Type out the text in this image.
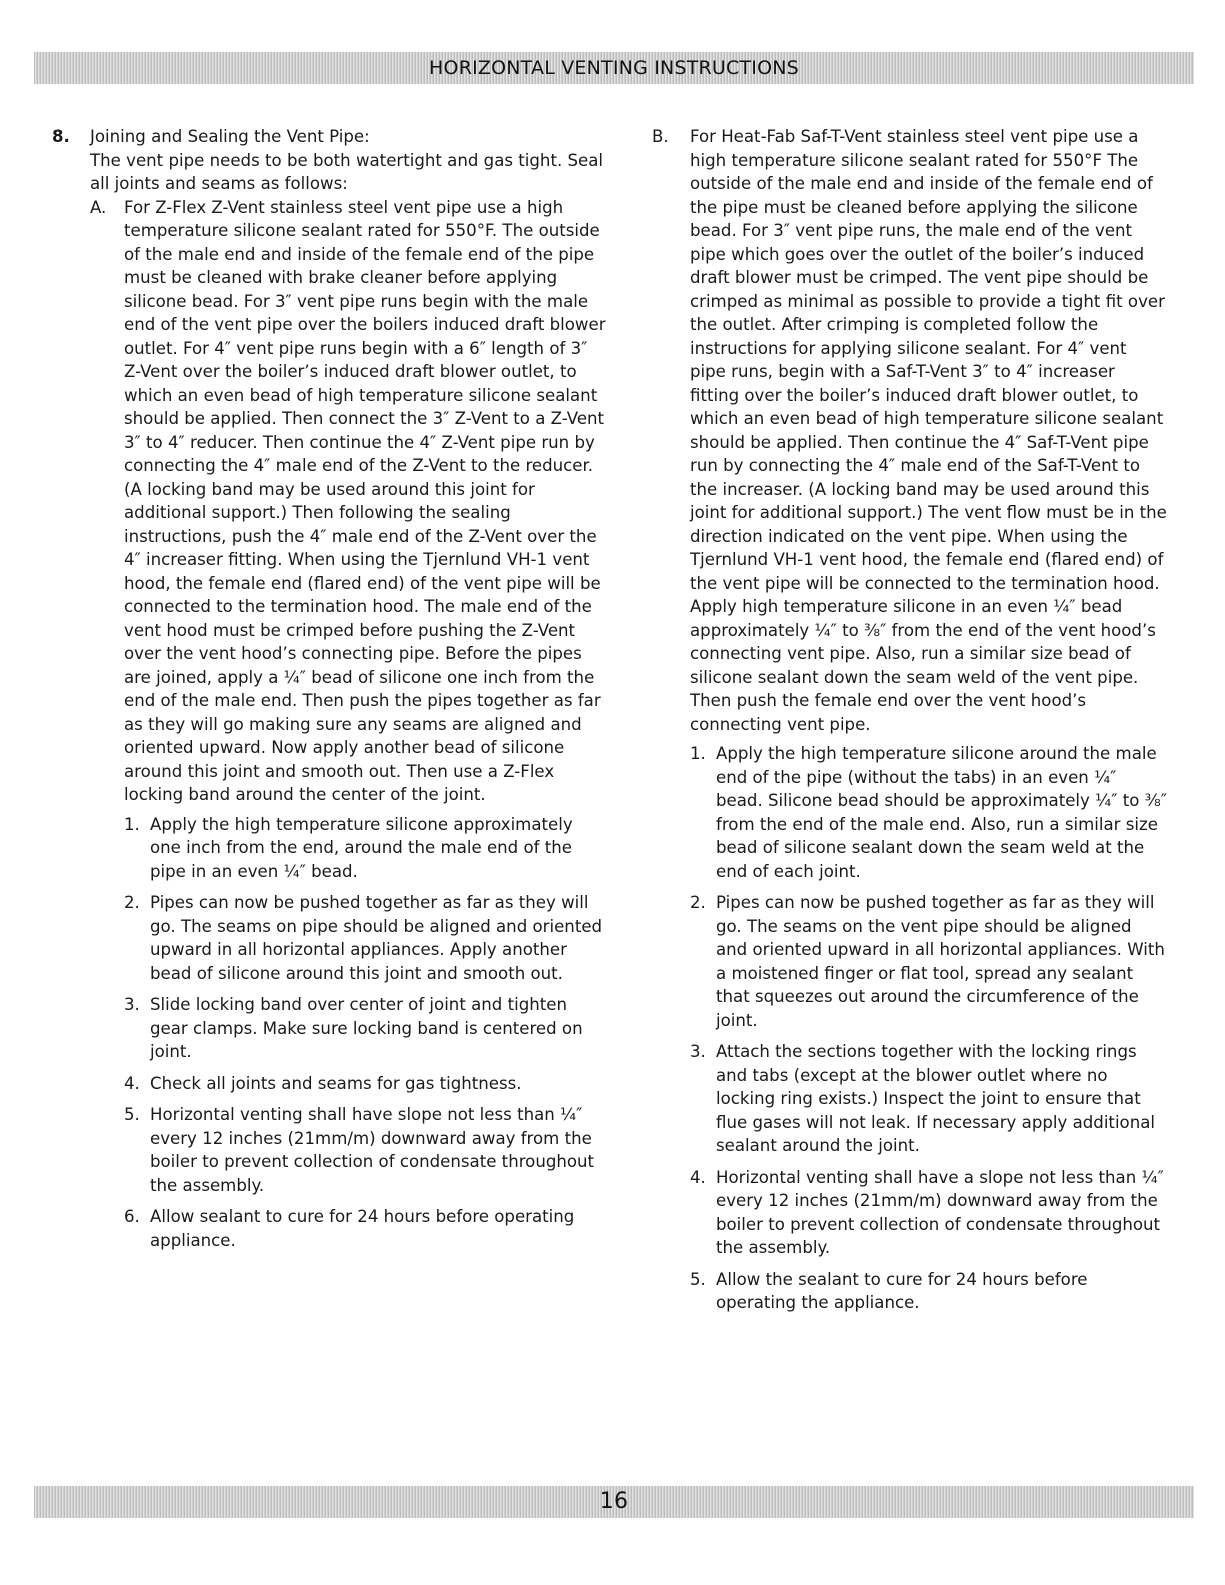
HORIZONTAL VENTING INSTRUCTIONS
8. Joining and Sealing the Vent Pipe:

The vent pipe needs to be both watertight and gas tight. Seal all joints and seams as follows:

A. For Z-Flex Z-Vent stainless steel vent pipe use a high temperature silicone sealant rated for 550°F. The outside of the male end and inside of the female end of the pipe must be cleaned with brake cleaner before applying silicone bead. For 3″ vent pipe runs begin with the male end of the vent pipe over the boilers induced draft blower outlet. For 4″ vent pipe runs begin with a 6″ length of 3″ Z-Vent over the boiler’s induced draft blower outlet, to which an even bead of high temperature silicone sealant should be applied. Then connect the 3″ Z-Vent to a Z-Vent 3″ to 4″ reducer. Then continue the 4″ Z-Vent pipe run by connecting the 4″ male end of the Z-Vent to the reducer. (A locking band may be used around this joint for additional support.) Then following the sealing instructions, push the 4″ male end of the Z-Vent over the 4″ increaser fitting. When using the Tjernlund VH-1 vent hood, the female end (flared end) of the vent pipe will be connected to the termination hood. The male end of the vent hood must be crimped before pushing the Z-Vent over the vent hood’s connecting pipe. Before the pipes are joined, apply a ¼″ bead of silicone one inch from the end of the male end. Then push the pipes together as far as they will go making sure any seams are aligned and oriented upward. Now apply another bead of silicone around this joint and smooth out. Then use a Z-Flex locking band around the center of the joint.

1. Apply the high temperature silicone approximately one inch from the end, around the male end of the pipe in an even ¼″ bead.
2. Pipes can now be pushed together as far as they will go. The seams on pipe should be aligned and oriented upward in all horizontal appliances. Apply another bead of silicone around this joint and smooth out.
3. Slide locking band over center of joint and tighten gear clamps. Make sure locking band is centered on joint.
4. Check all joints and seams for gas tightness.
5. Horizontal venting shall have slope not less than ¼″ every 12 inches (21mm/m) downward away from the boiler to prevent collection of condensate throughout the assembly.
6. Allow sealant to cure for 24 hours before operating appliance.
B. For Heat-Fab Saf-T-Vent stainless steel vent pipe use a high temperature silicone sealant rated for 550°F The outside of the male end and inside of the female end of the pipe must be cleaned before applying the silicone bead. For 3″ vent pipe runs, the male end of the vent pipe which goes over the outlet of the boiler’s induced draft blower must be crimped. The vent pipe should be crimped as minimal as possible to provide a tight fit over the outlet. After crimping is completed follow the instructions for applying silicone sealant. For 4″ vent pipe runs, begin with a Saf-T-Vent 3″ to 4″ increaser fitting over the boiler’s induced draft blower outlet, to which an even bead of high temperature silicone sealant should be applied. Then continue the 4″ Saf-T-Vent pipe run by connecting the 4″ male end of the Saf-T-Vent to the increaser. (A locking band may be used around this joint for additional support.) The vent flow must be in the direction indicated on the vent pipe. When using the Tjernlund VH-1 vent hood, the female end (flared end) of the vent pipe will be connected to the termination hood. Apply high temperature silicone in an even ¼″ bead approximately ¼″ to ⅜″ from the end of the vent hood’s connecting vent pipe. Also, run a similar size bead of silicone sealant down the seam weld of the vent pipe. Then push the female end over the vent hood’s connecting vent pipe.

1. Apply the high temperature silicone around the male end of the pipe (without the tabs) in an even ¼″ bead. Silicone bead should be approximately ¼″ to ⅜″ from the end of the male end. Also, run a similar size bead of silicone sealant down the seam weld at the end of each joint.
2. Pipes can now be pushed together as far as they will go. The seams on the vent pipe should be aligned and oriented upward in all horizontal appliances. With a moistened finger or flat tool, spread any sealant that squeezes out around the circumference of the joint.
3. Attach the sections together with the locking rings and tabs (except at the blower outlet where no locking ring exists.) Inspect the joint to ensure that flue gases will not leak. If necessary apply additional sealant around the joint.
4. Horizontal venting shall have a slope not less than ¼″ every 12 inches (21mm/m) downward away from the boiler to prevent collection of condensate throughout the assembly.
5. Allow the sealant to cure for 24 hours before operating the appliance.
16
